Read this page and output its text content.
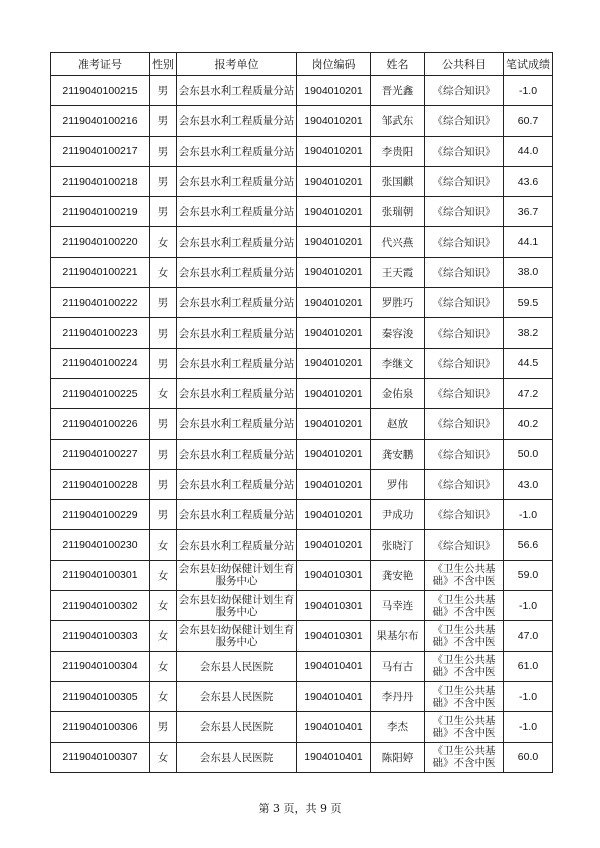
准考证号	性别	报考单位	岗位编码	姓名	公共科目	笔试成绩
2119040100215	男	会东县水利工程质量分站	1904010201	晋光鑫	《综合知识》	-1.0
2119040100216	男	会东县水利工程质量分站	1904010201	邹武东	《综合知识》	60.7
2119040100217	男	会东县水利工程质量分站	1904010201	李贵阳	《综合知识》	44.0
2119040100218	男	会东县水利工程质量分站	1904010201	张国麒	《综合知识》	43.6
2119040100219	男	会东县水利工程质量分站	1904010201	张瑞朝	《综合知识》	36.7
2119040100220	女	会东县水利工程质量分站	1904010201	代兴燕	《综合知识》	44.1
2119040100221	女	会东县水利工程质量分站	1904010201	王天霞	《综合知识》	38.0
2119040100222	男	会东县水利工程质量分站	1904010201	罗胜巧	《综合知识》	59.5
2119040100223	男	会东县水利工程质量分站	1904010201	秦容浚	《综合知识》	38.2
2119040100224	男	会东县水利工程质量分站	1904010201	李继文	《综合知识》	44.5
2119040100225	女	会东县水利工程质量分站	1904010201	金佑泉	《综合知识》	47.2
2119040100226	男	会东县水利工程质量分站	1904010201	赵放	《综合知识》	40.2
2119040100227	男	会东县水利工程质量分站	1904010201	龚安鹏	《综合知识》	50.0
2119040100228	男	会东县水利工程质量分站	1904010201	罗伟	《综合知识》	43.0
2119040100229	男	会东县水利工程质量分站	1904010201	尹成功	《综合知识》	-1.0
2119040100230	女	会东县水利工程质量分站	1904010201	张晓汀	《综合知识》	56.6
2119040100301	女	会东县妇幼保健计划生育服务中心	1904010301	龚安艳	《卫生公共基础》不含中医	59.0
2119040100302	女	会东县妇幼保健计划生育服务中心	1904010301	马幸连	《卫生公共基础》不含中医	-1.0
2119040100303	女	会东县妇幼保健计划生育服务中心	1904010301	果基尔布	《卫生公共基础》不含中医	47.0
2119040100304	女	会东县人民医院	1904010401	马有古	《卫生公共基础》不含中医	61.0
2119040100305	女	会东县人民医院	1904010401	李丹丹	《卫生公共基础》不含中医	-1.0
2119040100306	男	会东县人民医院	1904010401	李杰	《卫生公共基础》不含中医	-1.0
2119040100307	女	会东县人民医院	1904010401	陈阳婷	《卫生公共基础》不含中医	60.0
第 3 页，共 9 页
